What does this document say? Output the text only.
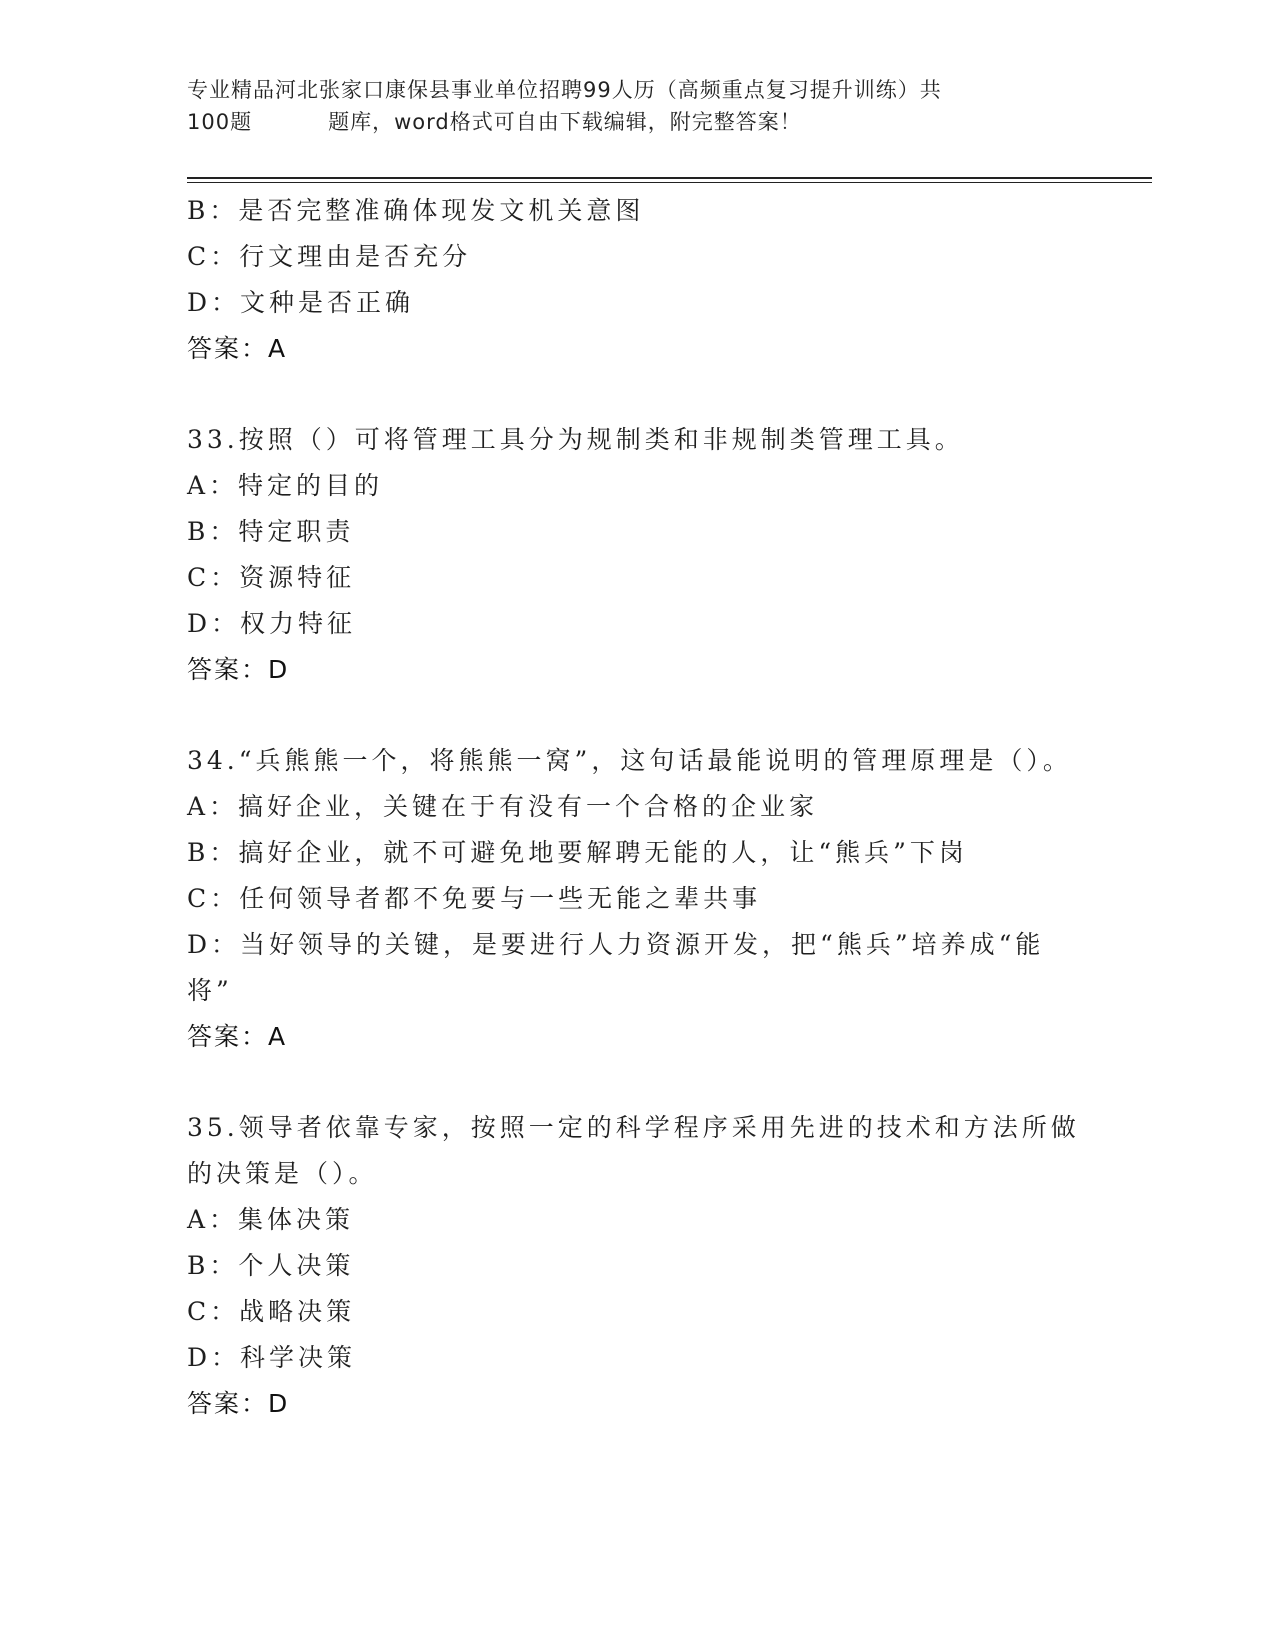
专业精品河北张家口康保县事业单位招聘99人历（高频重点复习提升训练）共
100题	题库，word格式可自由下载编辑，附完整答案！
B：是否完整准确体现发文机关意图
C：行文理由是否充分
D：文种是否正确
答案：A
33.按照（）可将管理工具分为规制类和非规制类管理工具。
A：特定的目的
B：特定职责
C：资源特征
D：权力特征
答案：D
34.“兵熊熊一个，将熊熊一窝”，这句话最能说明的管理原理是（）。
A：搞好企业，关键在于有没有一个合格的企业家
B：搞好企业，就不可避免地要解聘无能的人，让“熊兵”下岗
C：任何领导者都不免要与一些无能之辈共事
D：当好领导的关键，是要进行人力资源开发，把“熊兵”培养成“能将”
答案：A
35.领导者依靠专家，按照一定的科学程序采用先进的技术和方法所做的决策是（）。
A：集体决策
B：个人决策
C：战略决策
D：科学决策
答案：D
